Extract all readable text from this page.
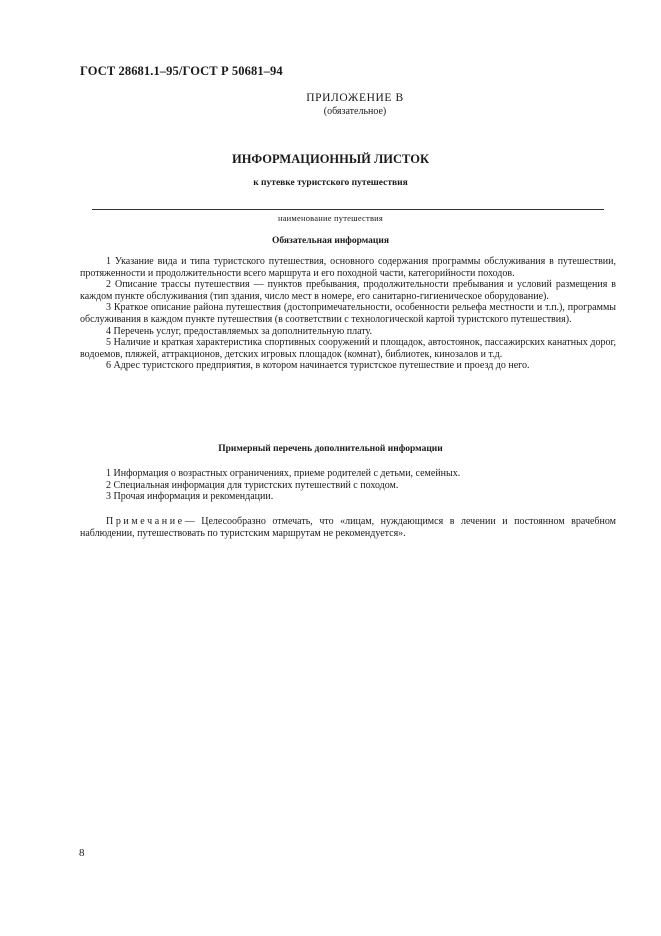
ГОСТ 28681.1–95/ГОСТ Р 50681–94
ПРИЛОЖЕНИЕ В
(обязательное)
ИНФОРМАЦИОННЫЙ ЛИСТОК
к путевке туристского путешествия
наименование путешествия
Обязательная информация

1 Указание вида и типа туристского путешествия, основного содержания программы обслуживания в путешествии, протяженности и продолжительности всего маршрута и его походной части, категорийности походов.

2 Описание трассы путешествия — пунктов пребывания, продолжительности пребывания и условий размещения в каждом пункте обслуживания (тип здания, число мест в номере, его санитарно-гигиеническое оборудование).

3 Краткое описание района путешествия (достопримечательности, особенности рельефа местности и т.п.), программы обслуживания в каждом пункте путешествия (в соответствии с технологической картой туристского путешествия).

4 Перечень услуг, предоставляемых за дополнительную плату.

5 Наличие и краткая характеристика спортивных сооружений и площадок, автостоянок, пассажирских канатных дорог, водоемов, пляжей, аттракционов, детских игровых площадок (комнат), библиотек, кинозалов и т.д.

6 Адрес туристского предприятия, в котором начинается туристское путешествие и проезд до него.

Примерный перечень дополнительной информации

1 Информация о возрастных ограничениях, приеме родителей с детьми, семейных.

2 Специальная информация для туристских путешествий с походом.

3 Прочая информация и рекомендации.

Примечание— Целесообразно отмечать, что «лицам, нуждающимся в лечении и постоянном врачебном наблюдении, путешествовать по туристским маршрутам не рекомендуется».
8
